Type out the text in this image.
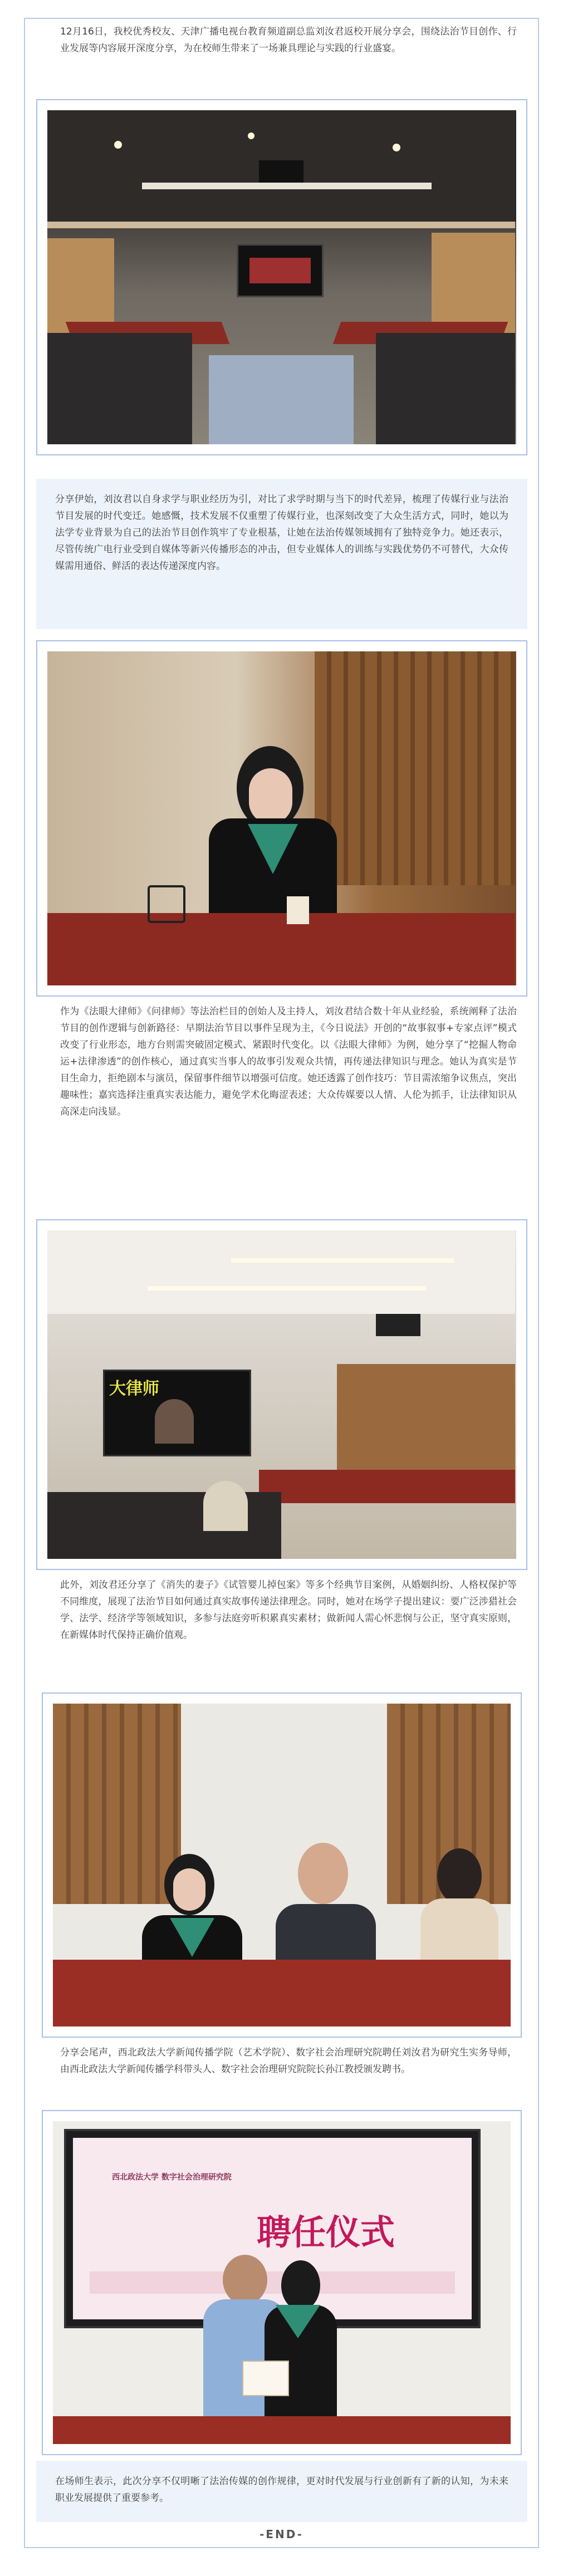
12月16日，我校优秀校友、天津广播电视台教育频道副总监刘汝君返校开展分享会，围绕法治节目创作、行业发展等内容展开深度分享，为在校师生带来了一场兼具理论与实践的行业盛宴。
分享伊始，刘汝君以自身求学与职业经历为引，对比了求学时期与当下的时代差异，梳理了传媒行业与法治节目发展的时代变迁。她感慨，技术发展不仅重塑了传媒行业，也深刻改变了大众生活方式，同时，她以为法学专业背景为自己的法治节目创作筑牢了专业根基，让她在法治传媒领域拥有了独特竞争力。她还表示，尽管传统广电行业受到自媒体等新兴传播形态的冲击，但专业媒体人的训练与实践优势仍不可替代，大众传媒需用通俗、鲜活的表达传递深度内容。
作为《法眼大律师》《问律师》等法治栏目的创始人及主持人，刘汝君结合数十年从业经验，系统阐释了法治节目的创作逻辑与创新路径：早期法治节目以事件呈现为主，《今日说法》开创的“故事叙事+专家点评”模式改变了行业形态，地方台则需突破固定模式、紧跟时代变化。以《法眼大律师》为例，她分享了“挖掘人物命运+法律渗透”的创作核心，通过真实当事人的故事引发观众共情，再传递法律知识与理念。她认为真实是节目生命力，拒绝剧本与演员，保留事件细节以增强可信度。她还透露了创作技巧：节目需浓缩争议焦点，突出趣味性；嘉宾选择注重真实表达能力，避免学术化晦涩表述；大众传媒要以人情、人伦为抓手，让法律知识从高深走向浅显。
大律师
此外，刘汝君还分享了《消失的妻子》《试管婴儿掉包案》等多个经典节目案例，从婚姻纠纷、人格权保护等不同维度，展现了法治节目如何通过真实故事传递法律理念。同时，她对在场学子提出建议：要广泛涉猎社会学、法学、经济学等领域知识，多参与法庭旁听积累真实素材；做新闻人需心怀悲悯与公正，坚守真实原则，在新媒体时代保持正确价值观。
分享会尾声，西北政法大学新闻传播学院（艺术学院）、数字社会治理研究院聘任刘汝君为研究生实务导师，由西北政法大学新闻传播学科带头人、数字社会治理研究院院长孙江教授颁发聘书。
西北政法大学 数字社会治理研究院
聘任仪式
在场师生表示，此次分享不仅明晰了法治传媒的创作规律，更对时代发展与行业创新有了新的认知，为未来职业发展提供了重要参考。
-END-
